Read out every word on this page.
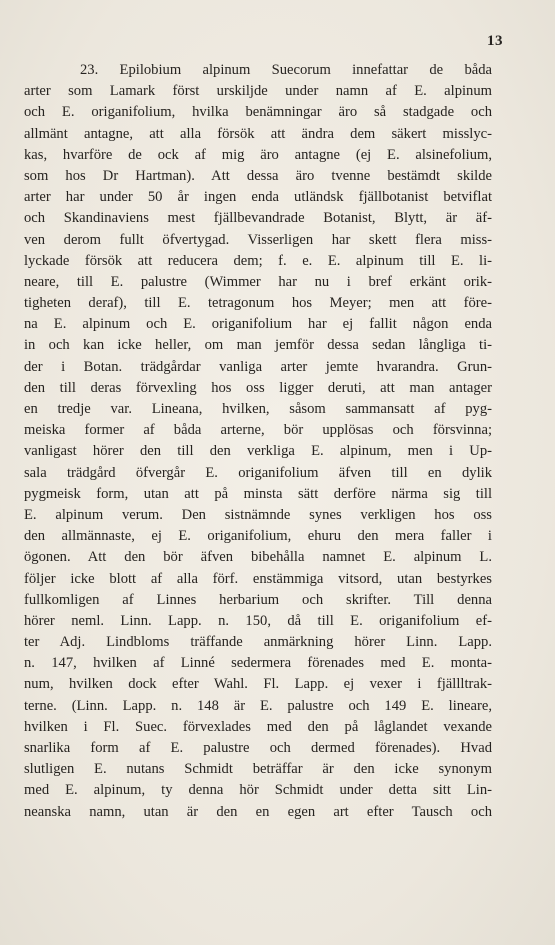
13
23. Epilobium alpinum Suecorum innefattar de båda
arter som Lamark först urskiljde under namn af E. alpinum
och E. origanifolium, hvilka benämningar äro så stadgade och
allmänt antagne, att alla försök att ändra dem säkert misslyc-
kas, hvarföre de ock af mig äro antagne (ej E. alsinefolium,
som hos Dr Hartman). Att dessa äro tvenne bestämdt skilde
arter har under 50 år ingen enda utländsk fjällbotanist betviflat
och Skandinaviens mest fjällbevandrade Botanist, Blytt, är äf-
ven derom fullt öfvertygad. Visserligen har skett flera miss-
lyckade försök att reducera dem; f. e. E. alpinum till E. li-
neare, till E. palustre (Wimmer har nu i bref erkänt orik-
tigheten deraf), till E. tetragonum hos Meyer; men att före-
na E. alpinum och E. origanifolium har ej fallit någon enda
in och kan icke heller, om man jemför dessa sedan långliga ti-
der i Botan. trädgårdar vanliga arter jemte hvarandra. Grun-
den till deras förvexling hos oss ligger deruti, att man antager
en tredje var. Lineana, hvilken, såsom sammansatt af pyg-
meiska former af båda arterne, bör upplösas och försvinna;
vanligast hörer den till den verkliga E. alpinum, men i Up-
sala trädgård öfvergår E. origanifolium äfven till en dylik
pygmeisk form, utan att på minsta sätt derföre närma sig till
E. alpinum verum. Den sistnämnde synes verkligen hos oss
den allmännaste, ej E. origanifolium, ehuru den mera faller i
ögonen. Att den bör äfven bibehålla namnet E. alpinum L.
följer icke blott af alla förf. enstämmiga vitsord, utan bestyrkes
fullkomligen af Linnes herbarium och skrifter. Till denna
hörer neml. Linn. Lapp. n. 150, då till E. origanifolium ef-
ter Adj. Lindbloms träffande anmärkning hörer Linn. Lapp.
n. 147, hvilken af Linné sedermera förenades med E. monta-
num, hvilken dock efter Wahl. Fl. Lapp. ej vexer i fjällltrak-
terne. (Linn. Lapp. n. 148 är E. palustre och 149 E. lineare,
hvilken i Fl. Suec. förvexlades med den på låglandet vexande
snarlika form af E. palustre och dermed förenades). Hvad
slutligen E. nutans Schmidt beträffar är den icke synonym
med E. alpinum, ty denna hör Schmidt under detta sitt Lin-
neanska namn, utan är den en egen art efter Tausch och
